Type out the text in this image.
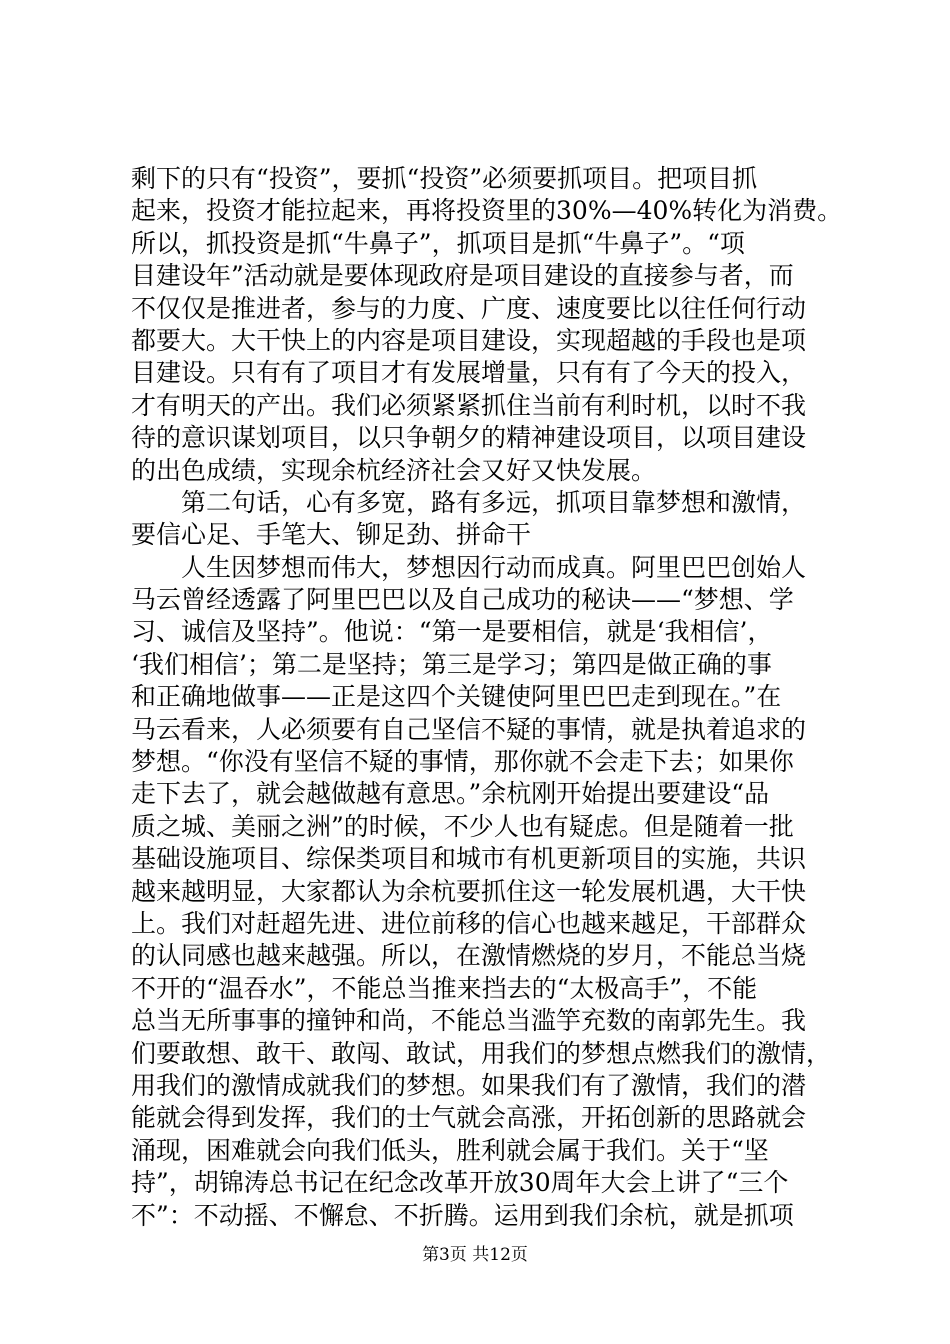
剩下的只有“投资”，要抓“投资”必须要抓项目。把项目抓
起来，投资才能拉起来，再将投资里的30%—40%转化为消费。
所以，抓投资是抓“牛鼻子”，抓项目是抓“牛鼻子”。“项
目建设年”活动就是要体现政府是项目建设的直接参与者，而
不仅仅是推进者，参与的力度、广度、速度要比以往任何行动
都要大。大干快上的内容是项目建设，实现超越的手段也是项
目建设。只有有了项目才有发展增量，只有有了今天的投入，
才有明天的产出。我们必须紧紧抓住当前有利时机，以时不我
待的意识谋划项目，以只争朝夕的精神建设项目，以项目建设
的出色成绩，实现余杭经济社会又好又快发展。
　　第二句话，心有多宽，路有多远，抓项目靠梦想和激情，
要信心足、手笔大、铆足劲、拼命干
　　人生因梦想而伟大，梦想因行动而成真。阿里巴巴创始人
马云曾经透露了阿里巴巴以及自己成功的秘诀——“梦想、学
习、诚信及坚持”。他说：“第一是要相信，就是‘我相信’，
‘我们相信’；第二是坚持；第三是学习；第四是做正确的事
和正确地做事——正是这四个关键使阿里巴巴走到现在。”在
马云看来，人必须要有自己坚信不疑的事情，就是执着追求的
梦想。“你没有坚信不疑的事情，那你就不会走下去；如果你
走下去了，就会越做越有意思。”余杭刚开始提出要建设“品
质之城、美丽之洲”的时候，不少人也有疑虑。但是随着一批
基础设施项目、综保类项目和城市有机更新项目的实施，共识
越来越明显，大家都认为余杭要抓住这一轮发展机遇，大干快
上。我们对赶超先进、进位前移的信心也越来越足，干部群众
的认同感也越来越强。所以，在激情燃烧的岁月，不能总当烧
不开的“温吞水”，不能总当推来挡去的“太极高手”，不能
总当无所事事的撞钟和尚，不能总当滥竽充数的南郭先生。我
们要敢想、敢干、敢闯、敢试，用我们的梦想点燃我们的激情，
用我们的激情成就我们的梦想。如果我们有了激情，我们的潜
能就会得到发挥，我们的士气就会高涨，开拓创新的思路就会
涌现，困难就会向我们低头，胜利就会属于我们。关于“坚
持”，胡锦涛总书记在纪念改革开放30周年大会上讲了“三个
不”：不动摇、不懈怠、不折腾。运用到我们余杭，就是抓项
第3页 共12页
